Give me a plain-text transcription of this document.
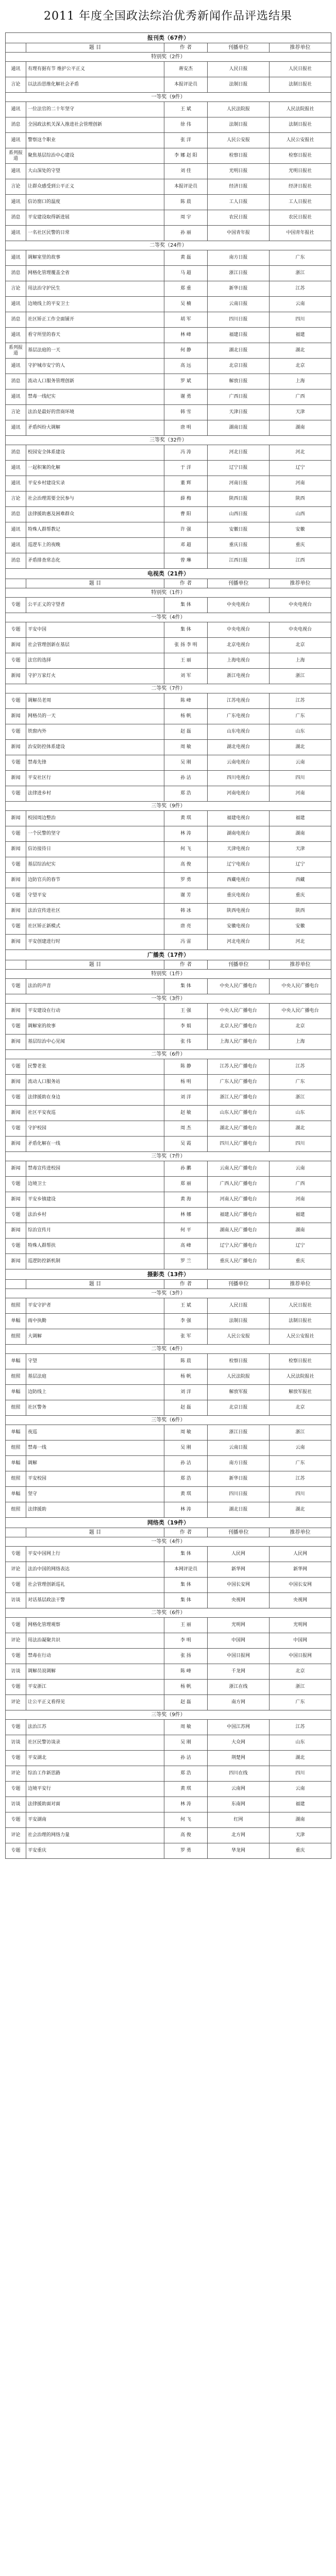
2011 年度全国政法综治优秀新闻作品评选结果
报刊类（67件）				
	题 目	作 者	刊播单位	推荐单位
特别奖（2件）				
通讯	有理有据有节 维护公平正义	蒋安杰	人民日报	人民日报社
言论	以法治思维化解社会矛盾	本报评论员	法制日报	法制日报社
一等奖（9件）				
通讯	一位法官的二十年坚守	王 斌	人民法院报	人民法院报社
消息	全国政法机关深入推进社会管理创新	徐 伟	法制日报	法制日报社
通讯	警察这个职业	张 洋	人民公安报	人民公安报社
系列报道	聚焦基层综治中心建设	李 娜 赵 阳	检察日报	检察日报社
通讯	大山深处的守望	刘 佳	光明日报	光明日报社
言论	让群众感受到公平正义	本报评论员	经济日报	经济日报社
通讯	信访窗口的温度	陈 晨	工人日报	工人日报社
消息	平安建设取得新进展	周 宇	农民日报	农民日报社
通讯	一名社区民警的日常	孙 丽	中国青年报	中国青年报社
二等奖（24件）				
通讯	调解室里的故事	黄 磊	南方日报	广东
消息	网格化管理覆盖全省	马 超	浙江日报	浙江
言论	用法治守护民生	郑 重	新华日报	江苏
通讯	边境线上的平安卫士	吴 楠	云南日报	云南
消息	社区矫正工作全面铺开	胡 军	四川日报	四川
通讯	看守所里的春天	林 峰	福建日报	福建
系列报道	基层法庭的一天	何 静	湖北日报	湖北
通讯	守护城市安宁的人	高 远	北京日报	北京
消息	流动人口服务管理创新	罗 斌	解放日报	上海
通讯	禁毒一线纪实	谢 勇	广西日报	广西
言论	法治是最好的营商环境	韩 雪	天津日报	天津
通讯	矛盾纠纷大调解	唐 明	湖南日报	湖南
三等奖（32件）				
消息	校园安全体系建设	冯 涛	河北日报	河北
通讯	一起积案的化解	于 洋	辽宁日报	辽宁
通讯	平安乡村建设实录	董 辉	河南日报	河南
言论	社会治理需要全民参与	薛 梅	陕西日报	陕西
消息	法律援助惠及困难群众	曹 阳	山西日报	山西
通讯	特殊人群帮教记	许 强	安徽日报	安徽
通讯	巡逻车上的夜晚	邓 超	重庆日报	重庆
消息	矛盾排查常态化	曾 琳	江西日报	江西
电视类（21件）				
	题 目	作 者	刊播单位	推荐单位
特别奖（1件）				
专题	公平正义的守望者	集 体	中央电视台	中央电视台
一等奖（4件）				
专题	平安中国	集 体	中央电视台	中央电视台
新闻	社会管理创新在基层	张 扬 李 明	北京电视台	北京
专题	法官的选择	王 丽	上海电视台	上海
新闻	守护万家灯火	刘 军	浙江电视台	浙江
二等奖（7件）				
专题	调解员老周	陈 峰	江苏电视台	江苏
新闻	网格员的一天	杨 帆	广东电视台	广东
专题	铁窗内外	赵 磊	山东电视台	山东
新闻	治安防控体系建设	周 敏	湖北电视台	湖北
专题	禁毒先锋	吴 刚	云南电视台	云南
新闻	平安社区行	孙 洁	四川电视台	四川
专题	法律进乡村	郑 浩	河南电视台	河南
三等奖（9件）				
新闻	校园周边整治	黄 琪	福建电视台	福建
专题	一个民警的坚守	林 涛	湖南电视台	湖南
新闻	信访接待日	何 飞	天津电视台	天津
专题	基层综治纪实	高 俊	辽宁电视台	辽宁
新闻	边防官兵的春节	罗 勇	西藏电视台	西藏
专题	守望平安	谢 芳	重庆电视台	重庆
新闻	法治宣传进社区	韩 冰	陕西电视台	陕西
专题	社区矫正新模式	唐 亮	安徽电视台	安徽
新闻	平安创建进行时	冯 雷	河北电视台	河北
广播类（17件）				
	题 目	作 者	刊播单位	推荐单位
特别奖（1件）				
专题	法治的声音	集 体	中央人民广播电台	中央人民广播电台
一等奖（3件）				
新闻	平安建设在行动	王 强	中央人民广播电台	中央人民广播电台
专题	调解室的故事	李 娟	北京人民广播电台	北京
新闻	基层综治中心见闻	张 伟	上海人民广播电台	上海
二等奖（6件）				
专题	民警老张	陈 静	江苏人民广播电台	江苏
新闻	流动人口服务站	杨 明	广东人民广播电台	广东
专题	法律援助在身边	刘 洋	浙江人民广播电台	浙江
新闻	社区平安夜巡	赵 敏	山东人民广播电台	山东
专题	守护校园	周 杰	湖北人民广播电台	湖北
新闻	矛盾化解在一线	吴 霞	四川人民广播电台	四川
三等奖（7件）				
新闻	禁毒宣传进校园	孙 鹏	云南人民广播电台	云南
专题	边境卫士	郑 丽	广西人民广播电台	广西
新闻	平安乡镇建设	黄 海	河南人民广播电台	河南
专题	法治乡村	林 娜	福建人民广播电台	福建
新闻	综治宣传月	何 平	湖南人民广播电台	湖南
专题	特殊人群帮扶	高 峰	辽宁人民广播电台	辽宁
新闻	巡逻防控新机制	罗 兰	重庆人民广播电台	重庆
摄影类（13件）				
	题 目	作 者	刊播单位	推荐单位
一等奖（3件）				
组照	平安守护者	王 斌	人民日报	人民日报社
单幅	雨中执勤	李 强	法制日报	法制日报社
组照	大调解	张 军	人民公安报	人民公安报社
二等奖（4件）				
单幅	守望	陈 晨	检察日报	检察日报社
组照	基层法庭	杨 帆	人民法院报	人民法院报社
单幅	边防线上	刘 洋	解放军报	解放军报社
组照	社区警务	赵 磊	北京日报	北京
三等奖（6件）				
单幅	夜巡	周 敏	浙江日报	浙江
组照	禁毒一线	吴 刚	云南日报	云南
单幅	调解	孙 洁	南方日报	广东
组照	平安校园	郑 浩	新华日报	江苏
单幅	坚守	黄 琪	四川日报	四川
组照	法律援助	林 涛	湖北日报	湖北
网络类（19件）				
	题 目	作 者	刊播单位	推荐单位
一等奖（4件）				
专题	平安中国网上行	集 体	人民网	人民网
评论	法治中国的网络表达	本网评论员	新华网	新华网
专题	社会管理创新巡礼	集 体	中国长安网	中国长安网
访谈	对话基层政法干警	集 体	央视网	央视网
二等奖（6件）				
专题	网格化管理观察	王 丽	光明网	光明网
评论	用法治凝聚共识	李 明	中国网	中国网
专题	禁毒在行动	张 扬	中国日报网	中国日报网
访谈	调解员说调解	陈 峰	千龙网	北京
专题	平安浙江	杨 帆	浙江在线	浙江
评论	让公平正义看得见	赵 磊	南方网	广东
三等奖（9件）				
专题	法治江苏	周 敏	中国江苏网	江苏
访谈	社区民警访谈录	吴 刚	大众网	山东
专题	平安湖北	孙 洁	荆楚网	湖北
评论	综治工作新思路	郑 浩	四川在线	四川
专题	边境平安行	黄 琪	云南网	云南
访谈	法律援助面对面	林 涛	东南网	福建
专题	平安湖南	何 飞	红网	湖南
评论	社会治理的网络力量	高 俊	北方网	天津
专题	平安重庆	罗 勇	华龙网	重庆
